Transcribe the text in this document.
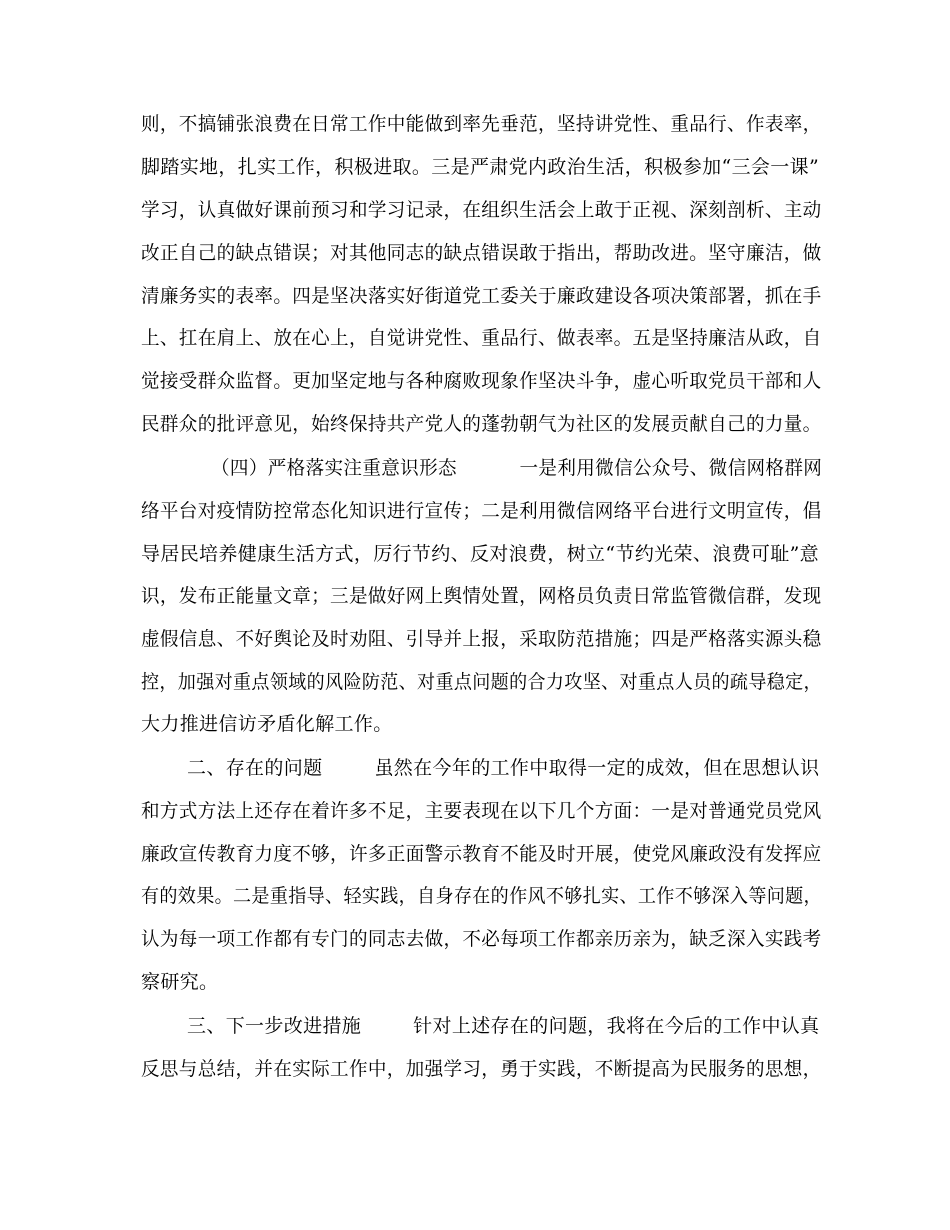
则，不搞铺张浪费在日常工作中能做到率先垂范，坚持讲党性、重品行、作表率，
脚踏实地，扎实工作，积极进取。三是严肃党内政治生活，积极参加“三会一课”
学习，认真做好课前预习和学习记录，在组织生活会上敢于正视、深刻剖析、主动
改正自己的缺点错误；对其他同志的缺点错误敢于指出，帮助改进。坚守廉洁，做
清廉务实的表率。四是坚决落实好街道党工委关于廉政建设各项决策部署，抓在手
上、扛在肩上、放在心上，自觉讲党性、重品行、做表率。五是坚持廉洁从政，自
觉接受群众监督。更加坚定地与各种腐败现象作坚决斗争，虚心听取党员干部和人
民群众的批评意见，始终保持共产党人的蓬勃朝气为社区的发展贡献自己的力量。
（四）严格落实注重意识形态	一是利用微信公众号、微信网格群网
络平台对疫情防控常态化知识进行宣传；二是利用微信网络平台进行文明宣传，倡
导居民培养健康生活方式，厉行节约、反对浪费，树立“节约光荣、浪费可耻”意
识，发布正能量文章；三是做好网上舆情处置，网格员负责日常监管微信群，发现
虚假信息、不好舆论及时劝阻、引导并上报，采取防范措施；四是严格落实源头稳
控，加强对重点领域的风险防范、对重点问题的合力攻坚、对重点人员的疏导稳定，
大力推进信访矛盾化解工作。
二、存在的问题	虽然在今年的工作中取得一定的成效，但在思想认识
和方式方法上还存在着许多不足，主要表现在以下几个方面：一是对普通党员党风
廉政宣传教育力度不够，许多正面警示教育不能及时开展，使党风廉政没有发挥应
有的效果。二是重指导、轻实践，自身存在的作风不够扎实、工作不够深入等问题，
认为每一项工作都有专门的同志去做，不必每项工作都亲历亲为，缺乏深入实践考
察研究。
三、下一步改进措施	针对上述存在的问题，我将在今后的工作中认真
反思与总结，并在实际工作中，加强学习，勇于实践，不断提高为民服务的思想，
